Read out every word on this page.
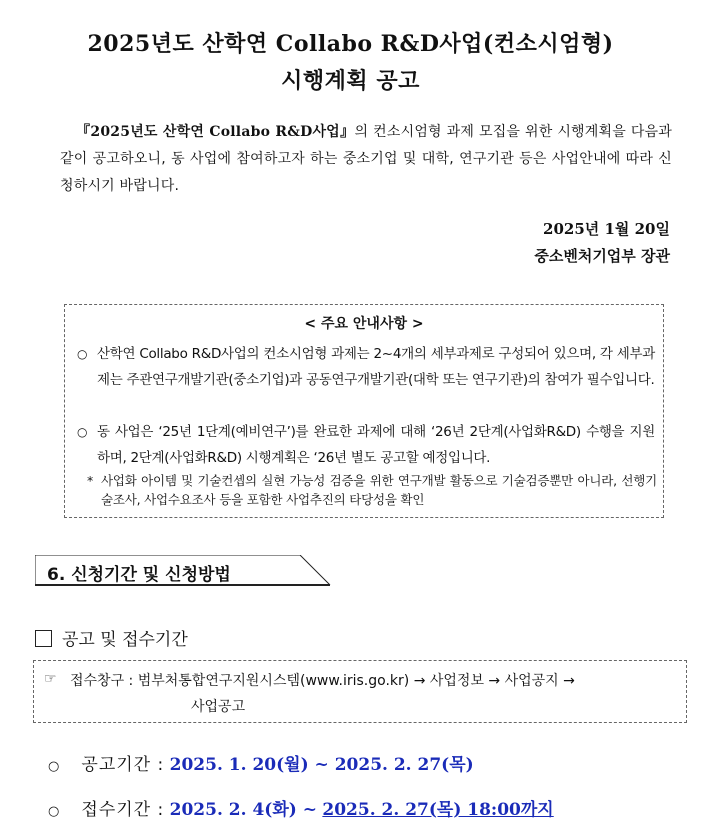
2025년도 산학연 Collabo R&D사업(컨소시엄형)
시행계획 공고
『2025년도 산학연 Collabo R&D사업』의 컨소시엄형 과제 모집을 위한 시행계획을 다음과 같이 공고하오니, 동 사업에 참여하고자 하는 중소기업 및 대학, 연구기관 등은 사업안내에 따라 신청하시기 바랍니다.
2025년 1월 20일
중소벤처기업부 장관
< 주요 안내사항 >
○ 산학연 Collabo R&D사업의 컨소시엄형 과제는 2~4개의 세부과제로 구성되어 있으며, 각 세부과제는 주관연구개발기관(중소기업)과 공동연구개발기관(대학 또는 연구기관)의 참여가 필수입니다.
○ 동 사업은 ‘25년 1단계(예비연구’)를 완료한 과제에 대해 ‘26년 2단계(사업화R&D) 수행을 지원하며, 2단계(사업화R&D) 시행계획은 ‘26년 별도 공고할 예정입니다.
* 사업화 아이템 및 기술컨셉의 실현 가능성 검증을 위한 연구개발 활동으로 기술검증뿐만 아니라, 선행기술조사, 사업수요조사 등을 포함한 사업추진의 타당성을 확인
6. 신청기간 및 신청방법
공고 및 접수기간
☞ 접수창구 : 범부처통합연구지원시스템(www.iris.go.kr) → 사업정보 → 사업공지 →
사업공고
○ 공고기간 : 2025. 1. 20(월) ~ 2025. 2. 27(목)
○ 접수기간 : 2025. 2. 4(화) ~ 2025. 2. 27(목) 18:00까지
